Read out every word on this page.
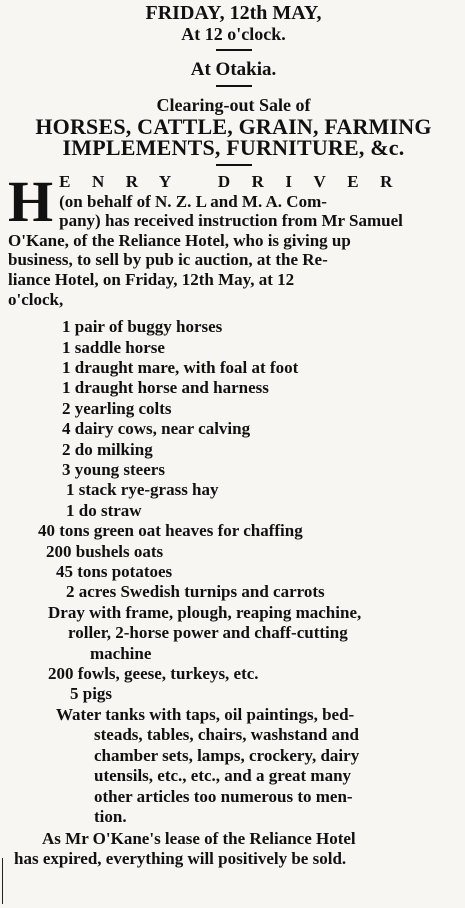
FRIDAY, 12th MAY,
At 12 o'clock.
At Otakia.
Clearing-out Sale of
HORSES, CATTLE, GRAIN, FARMING
IMPLEMENTS, FURNITURE, &c.
H ENRY DRIVER
(on behalf of N. Z. L and M. A. Com-
pany) has received instruction from Mr Samuel
O'Kane, of the Reliance Hotel, who is giving up
business, to sell by pub ic auction, at the Re-
liance Hotel, on Friday, 12th May, at 12
o'clock,
1 pair of buggy horses
1 saddle horse
1 draught mare, with foal at foot
1 draught horse and harness
2 yearling colts
4 dairy cows, near calving
2 do milking
3 young steers
1 stack rye-grass hay
1 do straw
40 tons green oat heaves for chaffing
200 bushels oats
45 tons potatoes
2 acres Swedish turnips and carrots
Dray with frame, plough, reaping machine,
roller, 2-horse power and chaff-cutting
machine
200 fowls, geese, turkeys, etc.
5 pigs
Water tanks with taps, oil paintings, bed-
steads, tables, chairs, washstand and
chamber sets, lamps, crockery, dairy
utensils, etc., etc., and a great many
other articles too numerous to men-
tion.
As Mr O'Kane's lease of the Reliance Hotel
has expired, everything will positively be sold.
